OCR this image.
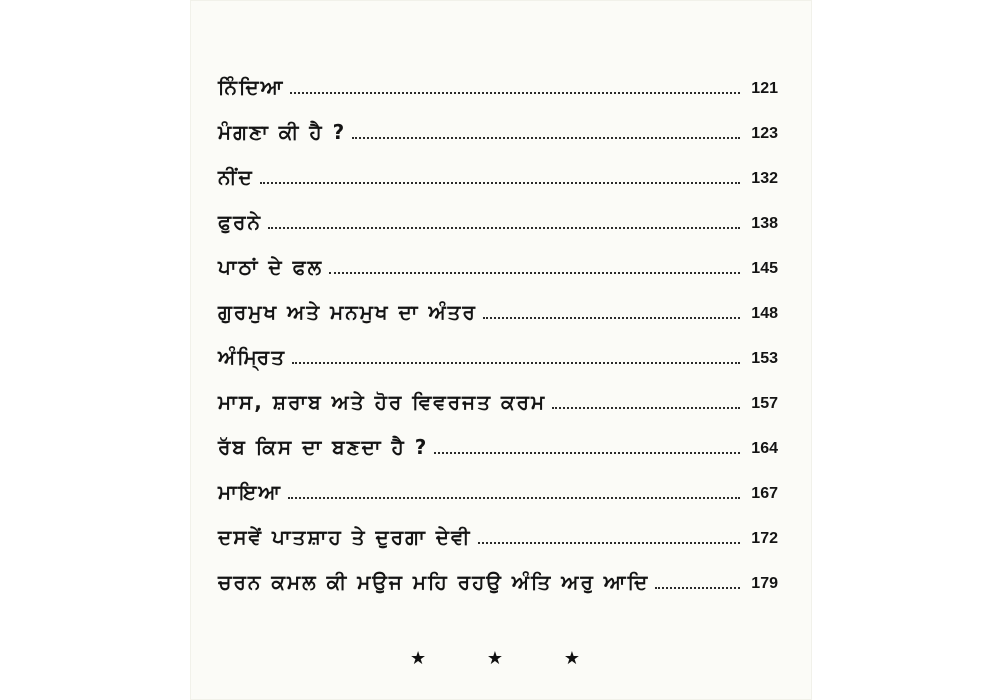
ਨਿੰਦਿਆ	121
ਮੰਗਣਾ ਕੀ ਹੈ ?	123
ਨੀਂਦ	132
ਫੁਰਨੇ	138
ਪਾਠਾਂ ਦੇ ਫਲ	145
ਗੁਰਮੁਖ ਅਤੇ ਮਨਮੁਖ ਦਾ ਅੰਤਰ	148
ਅੰਮ੍ਰਿਤ	153
ਮਾਸ, ਸ਼ਰਾਬ ਅਤੇ ਹੋਰ ਵਿਵਰਜਤ ਕਰਮ	157
ਰੱਬ ਕਿਸ ਦਾ ਬਣਦਾ ਹੈ ?	164
ਮਾਇਆ	167
ਦਸਵੇਂ ਪਾਤਸ਼ਾਹ ਤੇ ਦੁਰਗਾ ਦੇਵੀ	172
ਚਰਨ ਕਮਲ ਕੀ ਮਉਜ ਮਹਿ ਰਹਉ ਅੰਤਿ ਅਰੁ ਆਦਿ	179
★	★	★
